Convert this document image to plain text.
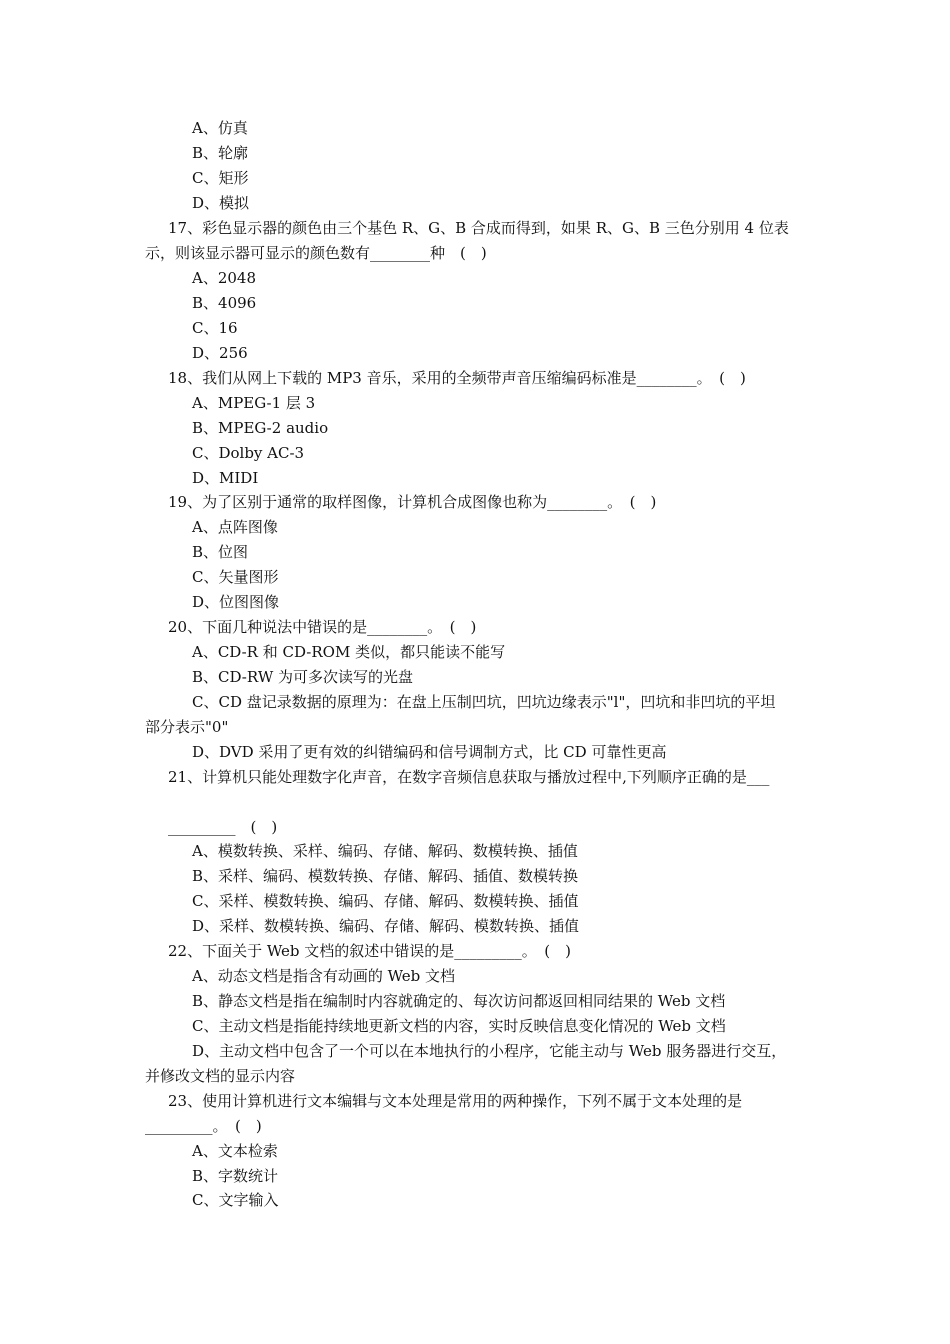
A、仿真
B、轮廓
C、矩形
D、模拟
17、彩色显示器的颜色由三个基色 R、G、B 合成而得到，如果 R、G、B 三色分别用 4 位表
示，则该显示器可显示的颜色数有________种　(　)
A、2048
B、4096
C、16
D、256
18、我们从网上下载的 MP3 音乐，采用的全频带声音压缩编码标准是________。　(　)
A、MPEG-1 层 3
B、MPEG-2 audio
C、Dolby AC-3
D、MIDI
19、为了区别于通常的取样图像，计算机合成图像也称为________。　(　)
A、点阵图像
B、位图
C、矢量图形
D、位图图像
20、下面几种说法中错误的是________。　(　)
A、CD-R 和 CD-ROM 类似，都只能读不能写
B、CD-RW 为可多次读写的光盘
C、CD 盘记录数据的原理为：在盘上压制凹坑，凹坑边缘表示"l"，凹坑和非凹坑的平坦
部分表示"0"
D、DVD 采用了更有效的纠错编码和信号调制方式，比 CD 可靠性更高
21、计算机只能处理数字化声音，在数字音频信息获取与播放过程中,下列顺序正确的是___
_________　(　)
A、模数转换、采样、编码、存储、解码、数模转换、插值
B、采样、编码、模数转换、存储、解码、插值、数模转换
C、采样、模数转换、编码、存储、解码、数模转换、插值
D、采样、数模转换、编码、存储、解码、模数转换、插值
22、下面关于 Web 文档的叙述中错误的是_________。　(　)
A、动态文档是指含有动画的 Web 文档
B、静态文档是指在编制时内容就确定的、每次访问都返回相同结果的 Web 文档
C、主动文档是指能持续地更新文档的内容，实时反映信息变化情况的 Web 文档
D、主动文档中包含了一个可以在本地执行的小程序，它能主动与 Web 服务器进行交互，
并修改文档的显示内容
23、使用计算机进行文本编辑与文本处理是常用的两种操作，下列不属于文本处理的是
_________。　(　)
A、文本检索
B、字数统计
C、文字输入
